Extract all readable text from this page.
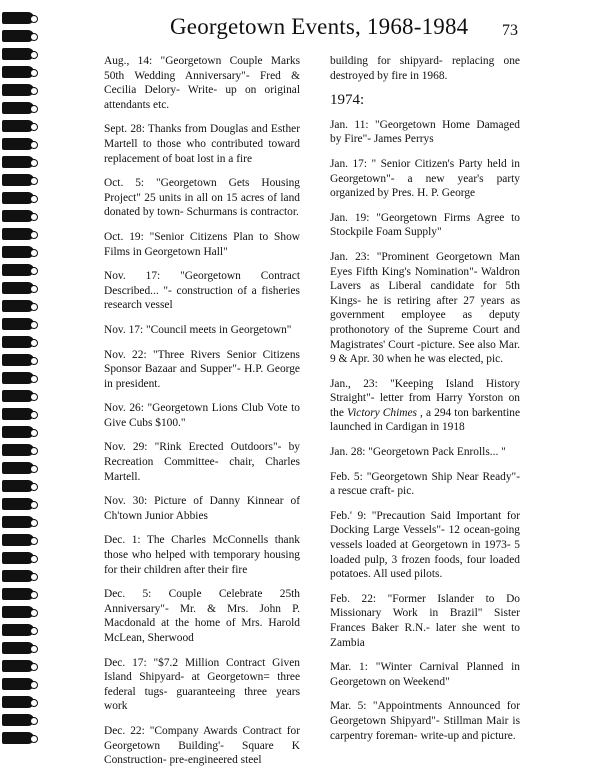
Georgetown Events, 1968-1984	73

Aug., 14: "Georgetown Couple Marks 50th Wedding Anniversary"- Fred & Cecilia Delory- Write- up on original attendants etc.

Sept. 28: Thanks from Douglas and Esther Martell to those who contributed toward replacement of boat lost in a fire

Oct. 5: "Georgetown Gets Housing Project" 25 units in all on 15 acres of land donated by town- Schurmans is contractor.

Oct. 19: "Senior Citizens Plan to Show Films in Georgetown Hall"

Nov. 17: "Georgetown Contract Described... "- construction of a fisheries research vessel

Nov. 17: "Council meets in Georgetown"

Nov. 22: "Three Rivers Senior Citizens Sponsor Bazaar and Supper"- H.P. George in president.

Nov. 26: "Georgetown Lions Club Vote to Give Cubs $100."

Nov. 29: "Rink Erected Outdoors"- by Recreation Committee- chair, Charles Martell.

Nov. 30: Picture of Danny Kinnear of Ch'town Junior Abbies

Dec. 1: The Charles McConnells thank those who helped with temporary housing for their children after their fire

Dec. 5: Couple Celebrate 25th Anniversary"- Mr. & Mrs. John P. Macdonald at the home of Mrs. Harold McLean, Sherwood

Dec. 17: "$7.2 Million Contract Given Island Shipyard- at Georgetown= three federal tugs- guaranteeing three years work

Dec. 22: "Company Awards Contract for Georgetown Building'- Square K Construction- pre-engineered steel

building for shipyard- replacing one destroyed by fire in 1968.

1974:

Jan. 11: "Georgetown Home Damaged by Fire"- James Perrys

Jan. 17: " Senior Citizen's Party held in Georgetown"- a new year's party organized by Pres. H. P. George

Jan. 19: "Georgetown Firms Agree to Stockpile Foam Supply"

Jan. 23: "Prominent Georgetown Man Eyes Fifth King's Nomination"- Waldron Lavers as Liberal candidate for 5th Kings- he is retiring after 27 years as government employee as deputy prothonotory of the Supreme Court and Magistrates' Court -picture. See also Mar. 9 & Apr. 30 when he was elected, pic.

Jan., 23: "Keeping Island History Straight"- letter from Harry Yorston on the Victory Chimes , a 294 ton barkentine launched in Cardigan in 1918

Jan. 28: "Georgetown Pack Enrolls... "

Feb. 5: "Georgetown Ship Near Ready"- a rescue craft- pic.

Feb.' 9: "Precaution Said Important for Docking Large Vessels"- 12 ocean-going vessels loaded at Georgetown in 1973- 5 loaded pulp, 3 frozen foods, four loaded potatoes. All used pilots.

Feb. 22: "Former Islander to Do Missionary Work in Brazil" Sister Frances Baker R.N.- later she went to Zambia

Mar. 1: "Winter Carnival Planned in Georgetown on Weekend"

Mar. 5: "Appointments Announced for Georgetown Shipyard"- Stillman Mair is carpentry foreman- write-up and picture.
